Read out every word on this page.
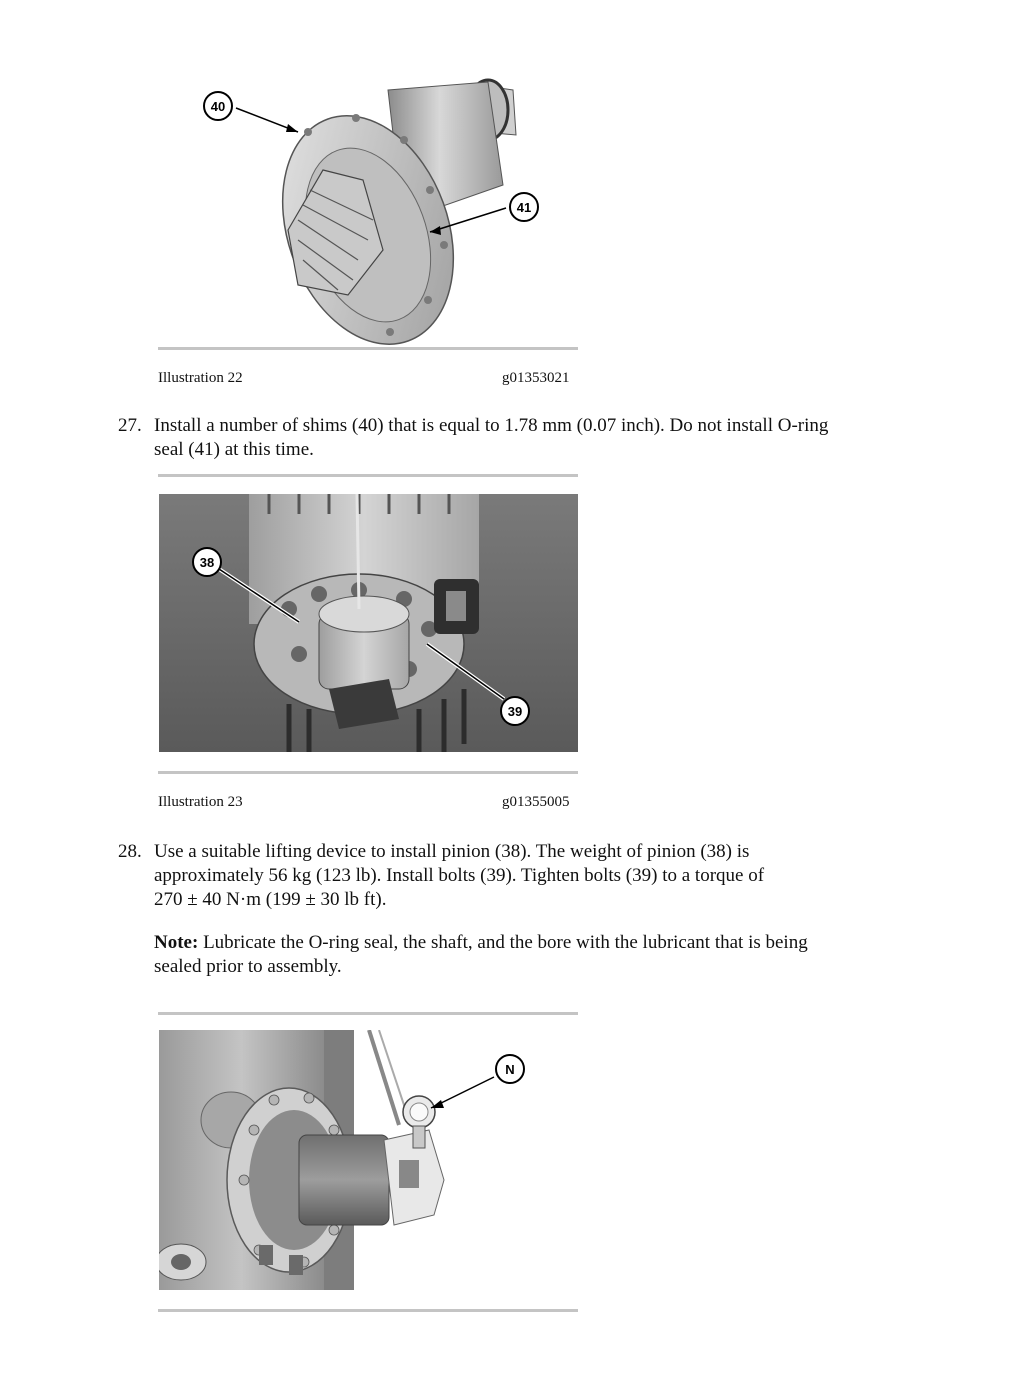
40
41
Illustration 22	g01353021
27. Install a number of shims (40) that is equal to 1.78 mm (0.07 inch). Do not install O-ring
seal (41) at this time.
38
39
Illustration 23	g01355005
28. Use a suitable lifting device to install pinion (38). The weight of pinion (38) is
approximately 56 kg (123 lb). Install bolts (39). Tighten bolts (39) to a torque of
270 ± 40 N·m (199 ± 30 lb ft).
Note: Lubricate the O-ring seal, the shaft, and the bore with the lubricant that is being
sealed prior to assembly.
N
